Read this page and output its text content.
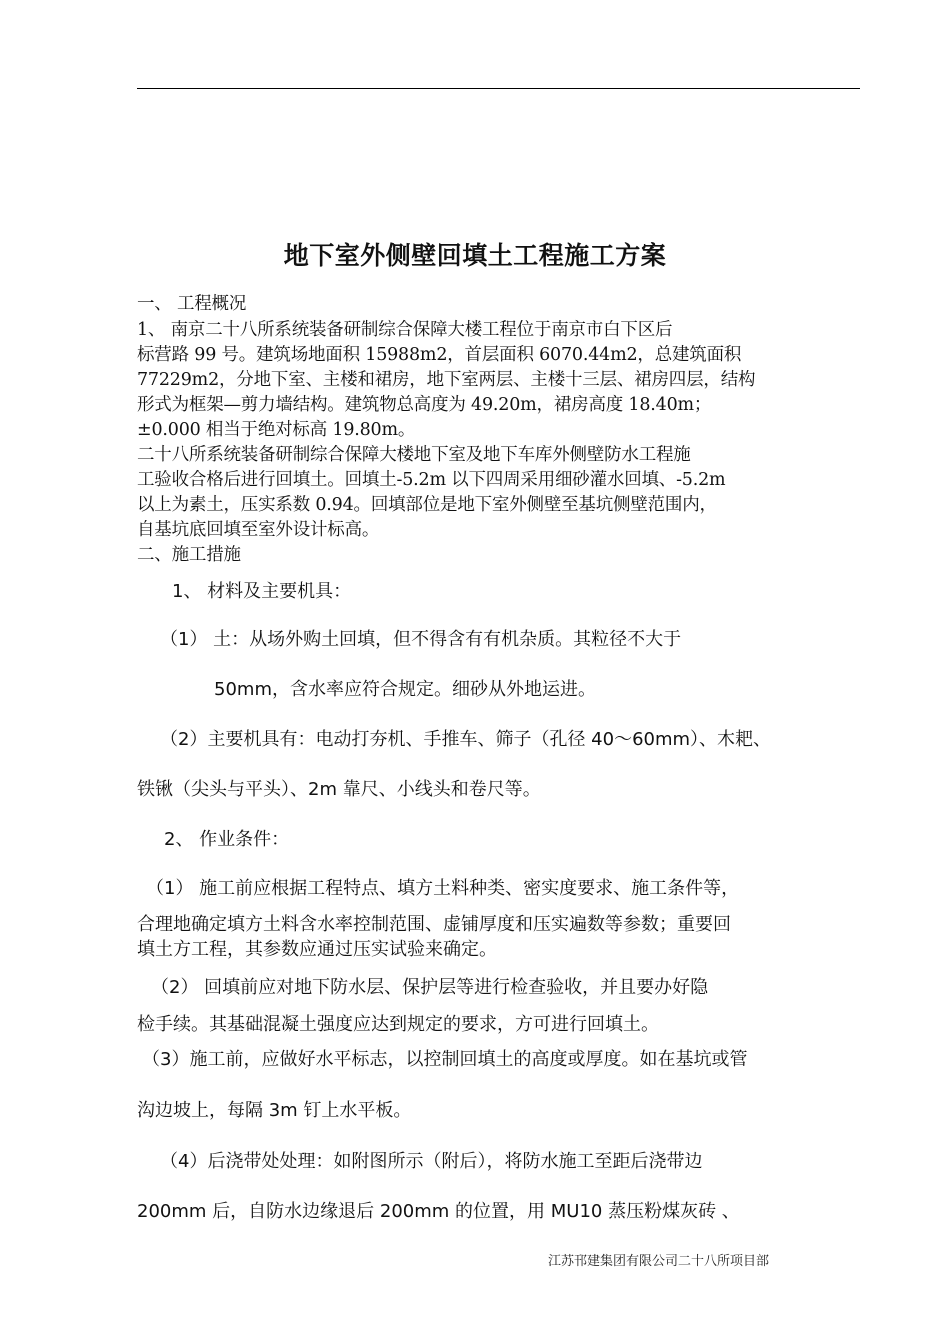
地下室外侧壁回填土工程施工方案
一、 工程概况
1、 南京二十八所系统装备研制综合保障大楼工程位于南京市白下区后
标营路 99 号。建筑场地面积 15988m2，首层面积 6070.44m2，总建筑面积
77229m2，分地下室、主楼和裙房，地下室两层、主楼十三层、裙房四层，结构
形式为框架—剪力墙结构。建筑物总高度为 49.20m，裙房高度 18.40m；
±0.000 相当于绝对标高 19.80m。
二十八所系统装备研制综合保障大楼地下室及地下车库外侧壁防水工程施
工验收合格后进行回填土。回填土-5.2m 以下四周采用细砂灌水回填、-5.2m
以上为素土，压实系数 0.94。回填部位是地下室外侧壁至基坑侧壁范围内，
自基坑底回填至室外设计标高。
二、施工措施
1、 材料及主要机具：
（1） 土：从场外购土回填，但不得含有有机杂质。其粒径不大于
50mm，含水率应符合规定。细砂从外地运进。
（2）主要机具有：电动打夯机、手推车、筛子（孔径 40～60mm）、木耙、
铁锹（尖头与平头）、2m 靠尺、小线头和卷尺等。
2、 作业条件：
（1） 施工前应根据工程特点、填方土料种类、密实度要求、施工条件等，
合理地确定填方土料含水率控制范围、虚铺厚度和压实遍数等参数；重要回
填土方工程，其参数应通过压实试验来确定。
（2） 回填前应对地下防水层、保护层等进行检查验收，并且要办好隐
检手续。其基础混凝土强度应达到规定的要求，方可进行回填土。
（3）施工前，应做好水平标志，以控制回填土的高度或厚度。如在基坑或管
沟边坡上，每隔 3m 钉上水平板。
（4）后浇带处处理：如附图所示（附后），将防水施工至距后浇带边
200mm 后，自防水边缘退后 200mm 的位置，用 MU10 蒸压粉煤灰砖 、
江苏邗建集团有限公司二十八所项目部
